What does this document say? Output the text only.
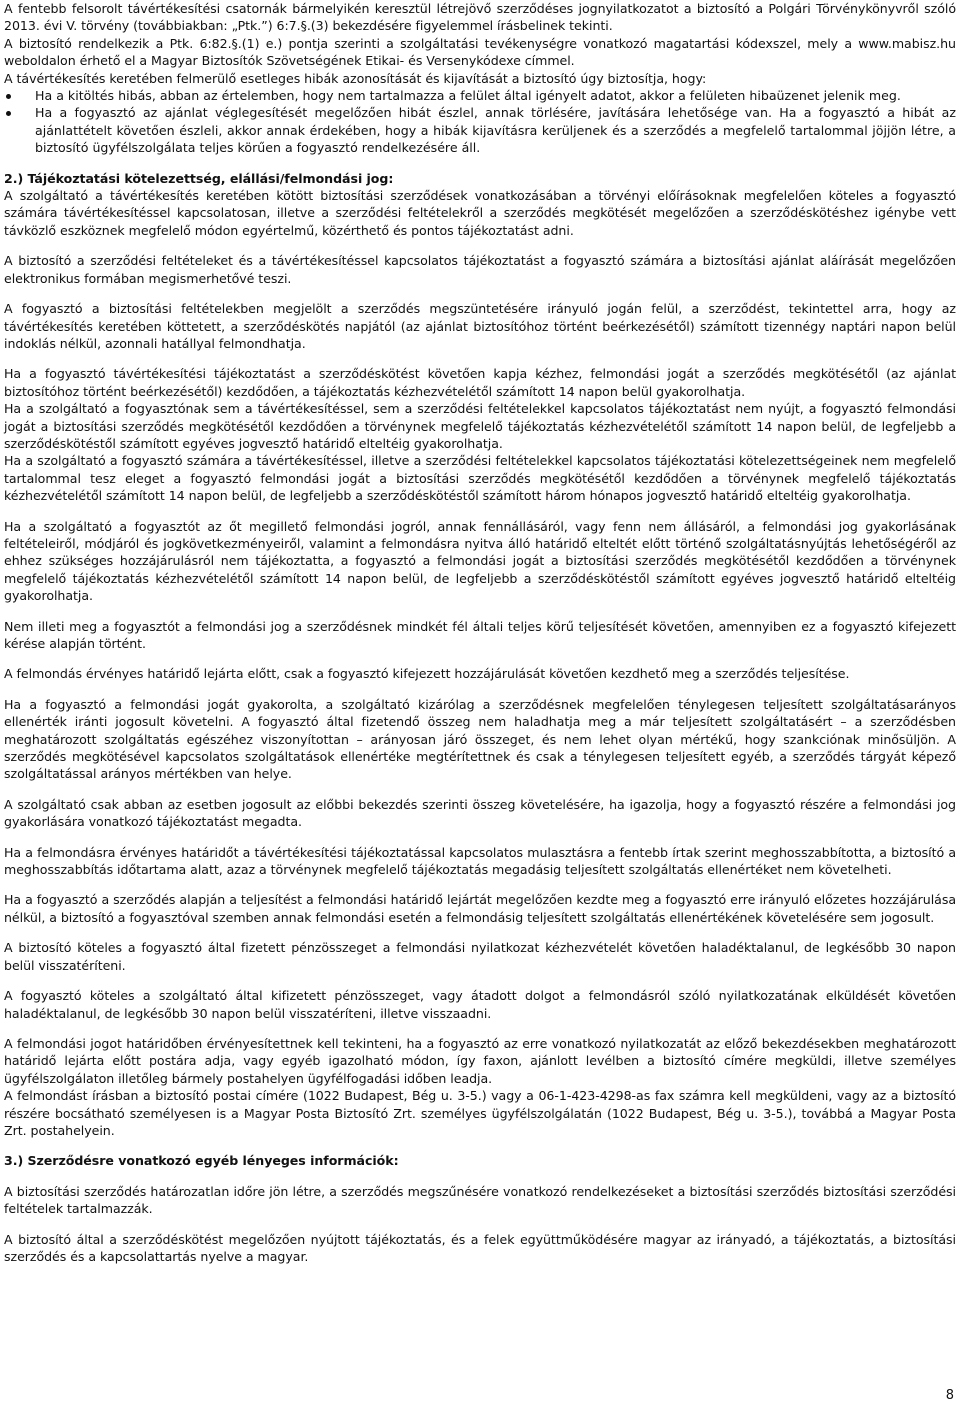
A fentebb felsorolt távértékesítési csatornák bármelyikén keresztül létrejövő szerződéses jognyilatkozatot a biztosító a Polgári Törvénykönyvről szóló 2013. évi V. törvény (továbbiakban: „Ptk.”) 6:7.§.(3) bekezdésére figyelemmel írásbelinek tekinti.

A biztosító rendelkezik a Ptk. 6:82.§.(1) e.) pontja szerinti a szolgáltatási tevékenységre vonatkozó magatartási kódexszel, mely a www.mabisz.hu weboldalon érhető el a Magyar Biztosítók Szövetségének Etikai- és Versenykódexe címmel.

A távértékesítés keretében felmerülő esetleges hibák azonosítását és kijavítását a biztosító úgy biztosítja, hogy:

Ha a kitöltés hibás, abban az értelemben, hogy nem tartalmazza a felület által igényelt adatot, akkor a felületen hibaüzenet jelenik meg.
Ha a fogyasztó az ajánlat véglegesítését megelőzően hibát észlel, annak törlésére, javítására lehetősége van. Ha a fogyasztó a hibát az ajánlattételt követően észleli, akkor annak érdekében, hogy a hibák kijavításra kerüljenek és a szerződés a megfelelő tartalommal jöjjön létre, a biztosító ügyfélszolgálata teljes körűen a fogyasztó rendelkezésére áll.

2.) Tájékoztatási kötelezettség, elállási/felmondási jog:

A szolgáltató a távértékesítés keretében kötött biztosítási szerződések vonatkozásában a törvényi előírásoknak megfelelően köteles a fogyasztó számára távértékesítéssel kapcsolatosan, illetve a szerződési feltételekről a szerződés megkötését megelőzően a szerződéskötéshez igénybe vett távközlő eszköznek megfelelő módon egyértelmű, közérthető és pontos tájékoztatást adni.

A biztosító a szerződési feltételeket és a távértékesítéssel kapcsolatos tájékoztatást a fogyasztó számára a biztosítási ajánlat aláírását megelőzően elektronikus formában megismerhetővé teszi.

A fogyasztó a biztosítási feltételekben megjelölt a szerződés megszüntetésére irányuló jogán felül, a szerződést, tekintettel arra, hogy az távértékesítés keretében köttetett, a szerződéskötés napjától (az ajánlat biztosítóhoz történt beérkezésétől) számított tizennégy naptári napon belül indoklás nélkül, azonnali hatállyal felmondhatja.

Ha a fogyasztó távértékesítési tájékoztatást a szerződéskötést követően kapja kézhez, felmondási jogát a szerződés megkötésétől (az ajánlat biztosítóhoz történt beérkezésétől) kezdődően, a tájékoztatás kézhezvételétől számított 14 napon belül gyakorolhatja.

Ha a szolgáltató a fogyasztónak sem a távértékesítéssel, sem a szerződési feltételekkel kapcsolatos tájékoztatást nem nyújt, a fogyasztó felmondási jogát a biztosítási szerződés megkötésétől kezdődően a törvénynek megfelelő tájékoztatás kézhezvételétől számított 14 napon belül, de legfeljebb a szerződéskötéstől számított egyéves jogvesztő határidő elteltéig gyakorolhatja.

Ha a szolgáltató a fogyasztó számára a távértékesítéssel, illetve a szerződési feltételekkel kapcsolatos tájékoztatási kötelezettségeinek nem megfelelő tartalommal tesz eleget a fogyasztó felmondási jogát a biztosítási szerződés megkötésétől kezdődően a törvénynek megfelelő tájékoztatás kézhezvételétől számított 14 napon belül, de legfeljebb a szerződéskötéstől számított három hónapos jogvesztő határidő elteltéig gyakorolhatja.

Ha a szolgáltató a fogyasztót az őt megillető felmondási jogról, annak fennállásáról, vagy fenn nem állásáról, a felmondási jog gyakorlásának feltételeiről, módjáról és jogkövetkezményeiről, valamint a felmondásra nyitva álló határidő elteltét előtt történő szolgáltatásnyújtás lehetőségéről az ehhez szükséges hozzájárulásról nem tájékoztatta, a fogyasztó a felmondási jogát a biztosítási szerződés megkötésétől kezdődően a törvénynek megfelelő tájékoztatás kézhezvételétől számított 14 napon belül, de legfeljebb a szerződéskötéstől számított egyéves jogvesztő határidő elteltéig gyakorolhatja.

Nem illeti meg a fogyasztót a felmondási jog a szerződésnek mindkét fél általi teljes körű teljesítését követően, amennyiben ez a fogyasztó kifejezett kérése alapján történt.

A felmondás érvényes határidő lejárta előtt, csak a fogyasztó kifejezett hozzájárulását követően kezdhető meg a szerződés teljesítése.

Ha a fogyasztó a felmondási jogát gyakorolta, a szolgáltató kizárólag a szerződésnek megfelelően ténylegesen teljesített szolgáltatásarányos ellenérték iránti jogosult követelni. A fogyasztó által fizetendő összeg nem haladhatja meg a már teljesített szolgáltatásért – a szerződésben meghatározott szolgáltatás egészéhez viszonyítottan – arányosan járó összeget, és nem lehet olyan mértékű, hogy szankciónak minősüljön. A szerződés megkötésével kapcsolatos szolgáltatások ellenértéke megtérítettnek és csak a ténylegesen teljesített egyéb, a szerződés tárgyát képező szolgáltatással arányos mértékben van helye.

A szolgáltató csak abban az esetben jogosult az előbbi bekezdés szerinti összeg követelésére, ha igazolja, hogy a fogyasztó részére a felmondási jog gyakorlására vonatkozó tájékoztatást megadta.

Ha a felmondásra érvényes határidőt a távértékesítési tájékoztatással kapcsolatos mulasztásra a fentebb írtak szerint meghosszabbította, a biztosító a meghosszabbítás időtartama alatt, azaz a törvénynek megfelelő tájékoztatás megadásig teljesített szolgáltatás ellenértéket nem követelheti.

Ha a fogyasztó a szerződés alapján a teljesítést a felmondási határidő lejártát megelőzően kezdte meg a fogyasztó erre irányuló előzetes hozzájárulása nélkül, a biztosító a fogyasztóval szemben annak felmondási esetén a felmondásig teljesített szolgáltatás ellenértékének követelésére sem jogosult.

A biztosító köteles a fogyasztó által fizetett pénzösszeget a felmondási nyilatkozat kézhezvételét követően haladéktalanul, de legkésőbb 30 napon belül visszatéríteni.

A fogyasztó köteles a szolgáltató által kifizetett pénzösszeget, vagy átadott dolgot a felmondásról szóló nyilatkozatának elküldését követően haladéktalanul, de legkésőbb 30 napon belül visszatéríteni, illetve visszaadni.

A felmondási jogot határidőben érvényesítettnek kell tekinteni, ha a fogyasztó az erre vonatkozó nyilatkozatát az előző bekezdésekben meghatározott határidő lejárta előtt postára adja, vagy egyéb igazolható módon, így faxon, ajánlott levélben a biztosító címére megküldi, illetve személyes ügyfélszolgálaton illetőleg bármely postahelyen ügyfélfogadási időben leadja.

A felmondást írásban a biztosító postai címére (1022 Budapest, Bég u. 3-5.) vagy a 06-1-423-4298-as fax számra kell megküldeni, vagy az a biztosító részére bocsátható személyesen is a Magyar Posta Biztosító Zrt. személyes ügyfélszolgálatán (1022 Budapest, Bég u. 3-5.), továbbá a Magyar Posta Zrt. postahelyein.

3.) Szerződésre vonatkozó egyéb lényeges információk:

A biztosítási szerződés határozatlan időre jön létre, a szerződés megszűnésére vonatkozó rendelkezéseket a biztosítási szerződés biztosítási szerződési feltételek tartalmazzák.

A biztosító által a szerződéskötést megelőzően nyújtott tájékoztatás, és a felek együttműködésére magyar az irányadó, a tájékoztatás, a biztosítási szerződés és a kapcsolattartás nyelve a magyar.

8
